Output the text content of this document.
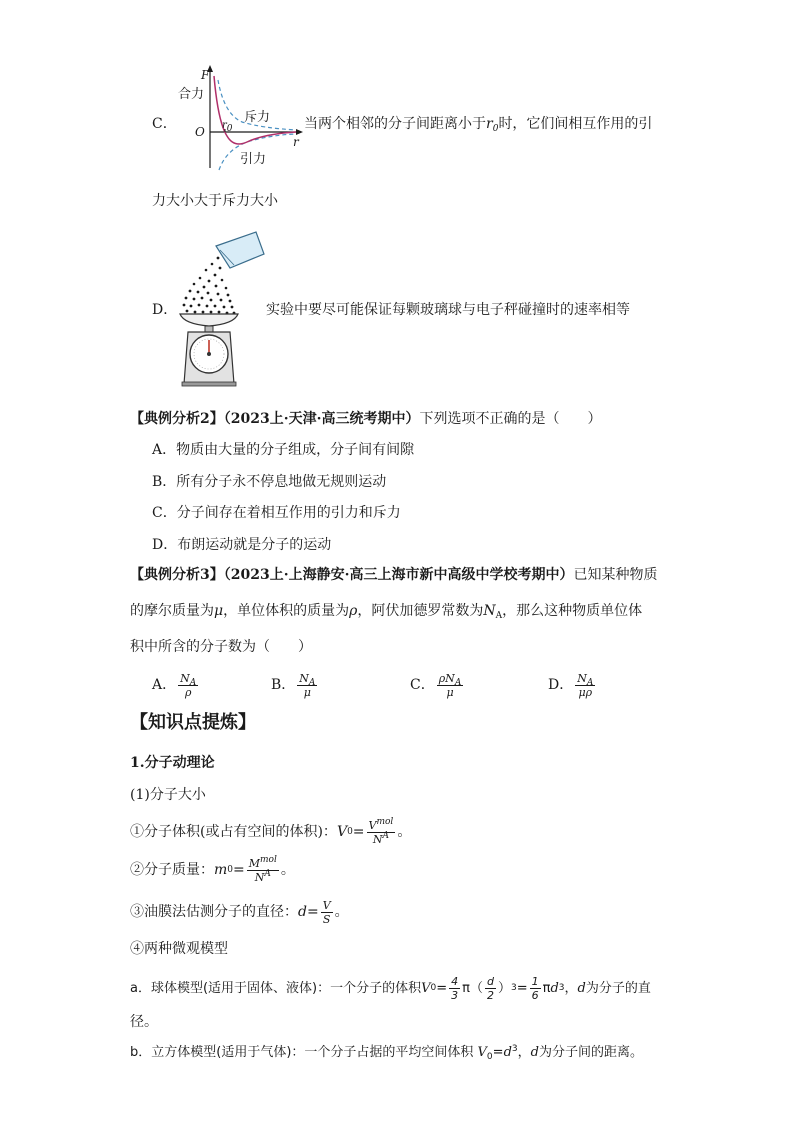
C．
F
合力
斥力
O $r_0$
r
引力
当两个相邻的分子间距离小于$r_0$时，它们间相互作用的引
力大小大于斥力大小
D．	实验中要尽可能保证每颗玻璃球与电子秤碰撞时的速率相等
【典例分析2】（2023上·天津·高三统考期中）下列选项不正确的是（　　）
A．物质由大量的分子组成，分子间有间隙
B．所有分子永不停息地做无规则运动
C．分子间存在着相互作用的引力和斥力
D．布朗运动就是分子的运动
【典例分析3】（2023上·上海静安·高三上海市新中高级中学校考期中）已知某种物质
的摩尔质量为μ，单位体积的质量为ρ，阿伏加德罗常数为$N_A$，那么这种物质单位体
积中所含的分子数为（　　）
A． $\frac{N_A}{\rho}$	B． $\frac{N_A}{\mu}$	C． $\frac{\rho N_A}{\mu}$	D． $\frac{N_A}{\mu\rho}$
【知识点提炼】
1.分子动理论
(1)分子大小
①分子体积(或占有空间的体积)： V $0 = \frac{V^{mol}}{N^A}$ 。
②分子质量： m $0 = \frac{M^{mol}}{N^A}$ 。
③油膜法估测分子的直径： $d = \frac{V}{S}$ 。
④两种微观模型
a．球体模型(适用于固体、液体)：一个分子的体积 V $0 = \frac{4}{3} \pi( \frac{d}{2}$ ） $3 = \frac{1}{6}$ π d 3 ， d 为分子的直
径。
b．立方体模型(适用于气体)：一个分子占据的平均空间体积 $V_0=d^3$，d为分子间的距离。
